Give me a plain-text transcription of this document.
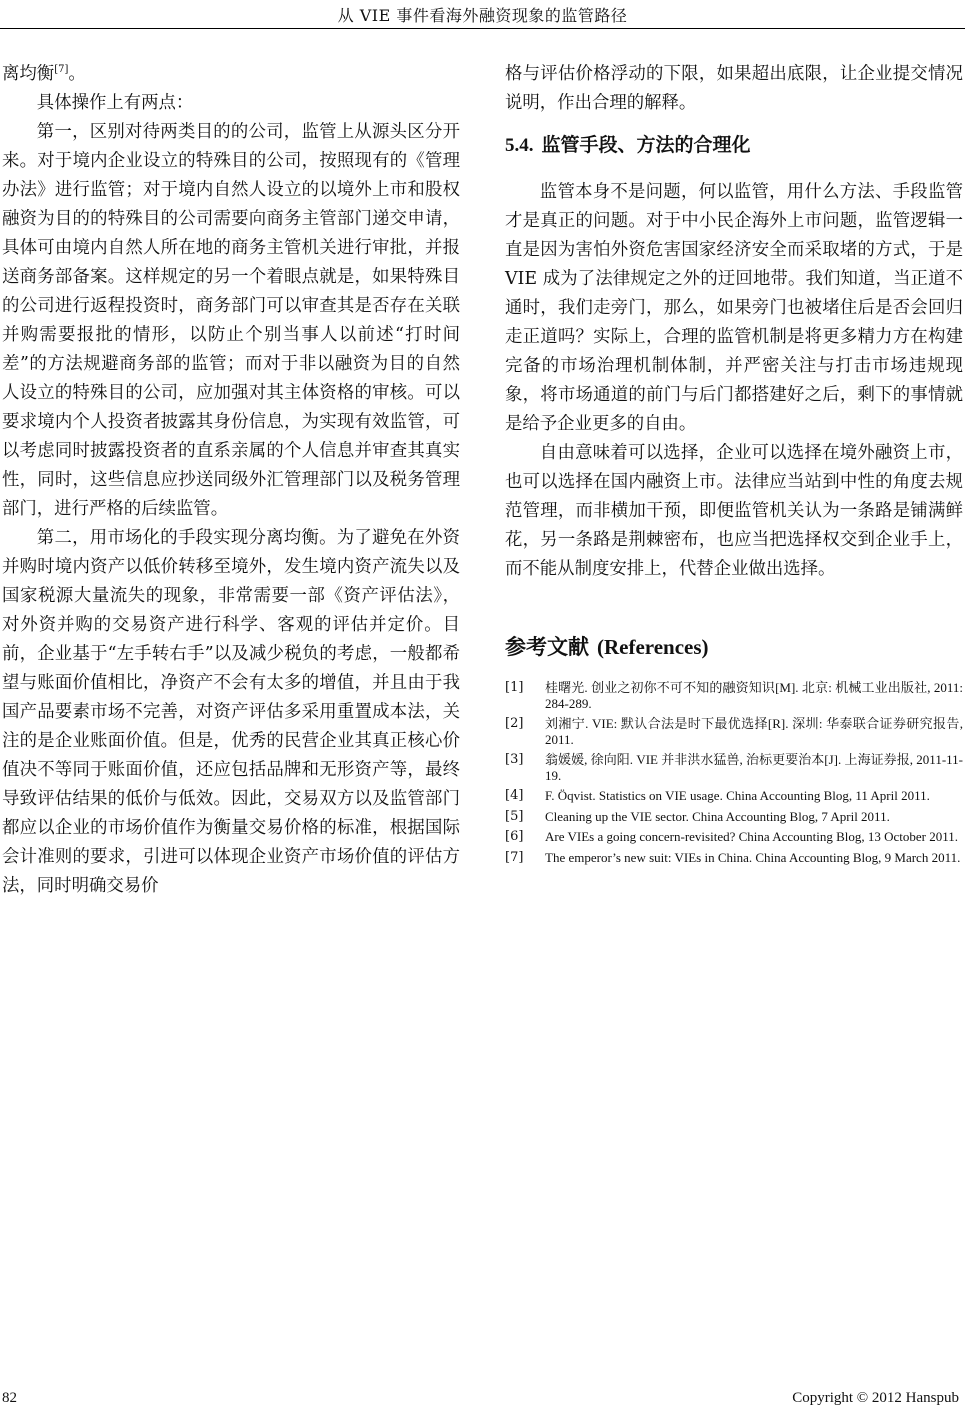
从 VIE 事件看海外融资现象的监管路径

离均衡[7]。

具体操作上有两点：

第一，区别对待两类目的的公司，监管上从源头区分开来。对于境内企业设立的特殊目的公司，按照现有的《管理办法》进行监管；对于境内自然人设立的以境外上市和股权融资为目的的特殊目的公司需要向商务主管部门递交申请，具体可由境内自然人所在地的商务主管机关进行审批，并报送商务部备案。这样规定的另一个着眼点就是，如果特殊目的公司进行返程投资时，商务部门可以审查其是否存在关联并购需要报批的情形，以防止个别当事人以前述“打时间差”的方法规避商务部的监管；而对于非以融资为目的自然人设立的特殊目的公司，应加强对其主体资格的审核。可以要求境内个人投资者披露其身份信息，为实现有效监管，可以考虑同时披露投资者的直系亲属的个人信息并审查其真实性，同时，这些信息应抄送同级外汇管理部门以及税务管理部门，进行严格的后续监管。

第二，用市场化的手段实现分离均衡。为了避免在外资并购时境内资产以低价转移至境外，发生境内资产流失以及国家税源大量流失的现象，非常需要一部《资产评估法》，对外资并购的交易资产进行科学、客观的评估并定价。目前，企业基于“左手转右手”以及减少税负的考虑，一般都希望与账面价值相比，净资产不会有太多的增值，并且由于我国产品要素市场不完善，对资产评估多采用重置成本法，关注的是企业账面价值。但是，优秀的民营企业其真正核心价值决不等同于账面价值，还应包括品牌和无形资产等，最终导致评估结果的低价与低效。因此，交易双方以及监管部门都应以企业的市场价值作为衡量交易价格的标准，根据国际会计准则的要求，引进可以体现企业资产市场价值的评估方法，同时明确交易价

格与评估价格浮动的下限，如果超出底限，让企业提交情况说明，作出合理的解释。

5.4. 监管手段、方法的合理化

监管本身不是问题，何以监管，用什么方法、手段监管才是真正的问题。对于中小民企海外上市问题，监管逻辑一直是因为害怕外资危害国家经济安全而采取堵的方式，于是 VIE 成为了法律规定之外的迂回地带。我们知道，当正道不通时，我们走旁门，那么，如果旁门也被堵住后是否会回归走正道吗？实际上，合理的监管机制是将更多精力方在构建完备的市场治理机制体制，并严密关注与打击市场违规现象，将市场通道的前门与后门都搭建好之后，剩下的事情就是给予企业更多的自由。

自由意味着可以选择，企业可以选择在境外融资上市，也可以选择在国内融资上市。法律应当站到中性的角度去规范管理，而非横加干预，即便监管机关认为一条路是铺满鲜花，另一条路是荆棘密布，也应当把选择权交到企业手上，而不能从制度安排上，代替企业做出选择。

参考文献 (References)
[1]	桂曙光. 创业之初你不可不知的融资知识[M]. 北京: 机械工业出版社, 2011: 284-289.
[2]	刘湘宁. VIE: 默认合法是时下最优选择[R]. 深圳: 华泰联合证券研究报告, 2011.
[3]	翁媛媛, 徐向阳. VIE 并非洪水猛兽, 治标更要治本[J]. 上海证券报, 2011-11-19.
[4]	F. Öqvist. Statistics on VIE usage. China Accounting Blog, 11 April 2011.
[5]	Cleaning up the VIE sector. China Accounting Blog, 7 April 2011.
[6]	Are VIEs a going concern-revisited? China Accounting Blog, 13 October 2011.
[7]	The emperor’s new suit: VIEs in China. China Accounting Blog, 9 March 2011.
82	Copyright © 2012 Hanspub
